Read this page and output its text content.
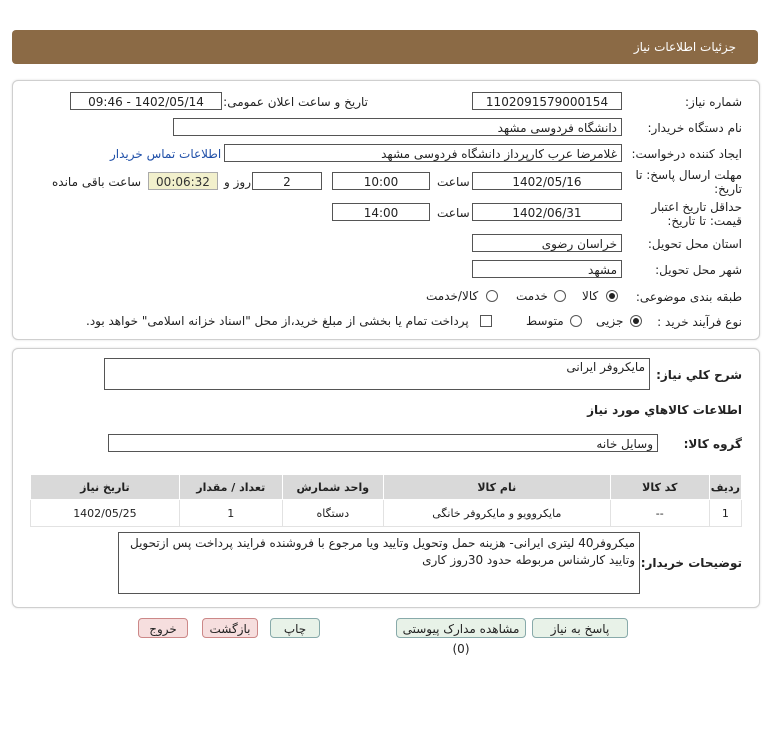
جزئیات اطلاعات نیاز
شماره نیاز:
1102091579000154
تاریخ و ساعت اعلان عمومی:
1402/05/14 - 09:46
نام دستگاه خریدار:
دانشگاه فردوسی مشهد
ایجاد کننده درخواست:
غلامرضا عرب کارپرداز دانشگاه فردوسی مشهد
اطلاعات تماس خریدار
مهلت ارسال پاسخ: تا
تاریخ:
1402/05/16
ساعت
10:00
2
روز و
00:06:32
ساعت باقی مانده
حداقل تاریخ اعتبار
قیمت: تا تاریخ:
1402/06/31
ساعت
14:00
استان محل تحویل:
خراسان رضوی
شهر محل تحویل:
مشهد
طبقه بندی موضوعی:
کالا
خدمت
کالا/خدمت
نوع فرآیند خرید :
جزیی
متوسط
پرداخت تمام یا بخشی از مبلغ خرید،از محل "اسناد خزانه اسلامی" خواهد بود.
شرح کلي نياز:
مایکروفر ایرانی
اطلاعات کالاهاي مورد نياز
گروه کالا:
وسایل خانه
ردیف	کد کالا	نام کالا	واحد شمارش	تعداد / مقدار	تاریخ نیاز
1	--	مایکروویو و مایکروفر خانگی	دستگاه	1	1402/05/25
توضیحات خریدار:
میکروفر40 لیتری ایرانی- هزینه حمل وتحویل وتایید ویا مرجوع با فروشنده فرایند پرداخت پس ازتحویل وتایید کارشناس مربوطه حدود 30روز کاری
پاسخ به نیاز
مشاهده مدارک پیوستی (0)
چاپ
بازگشت
خروج
